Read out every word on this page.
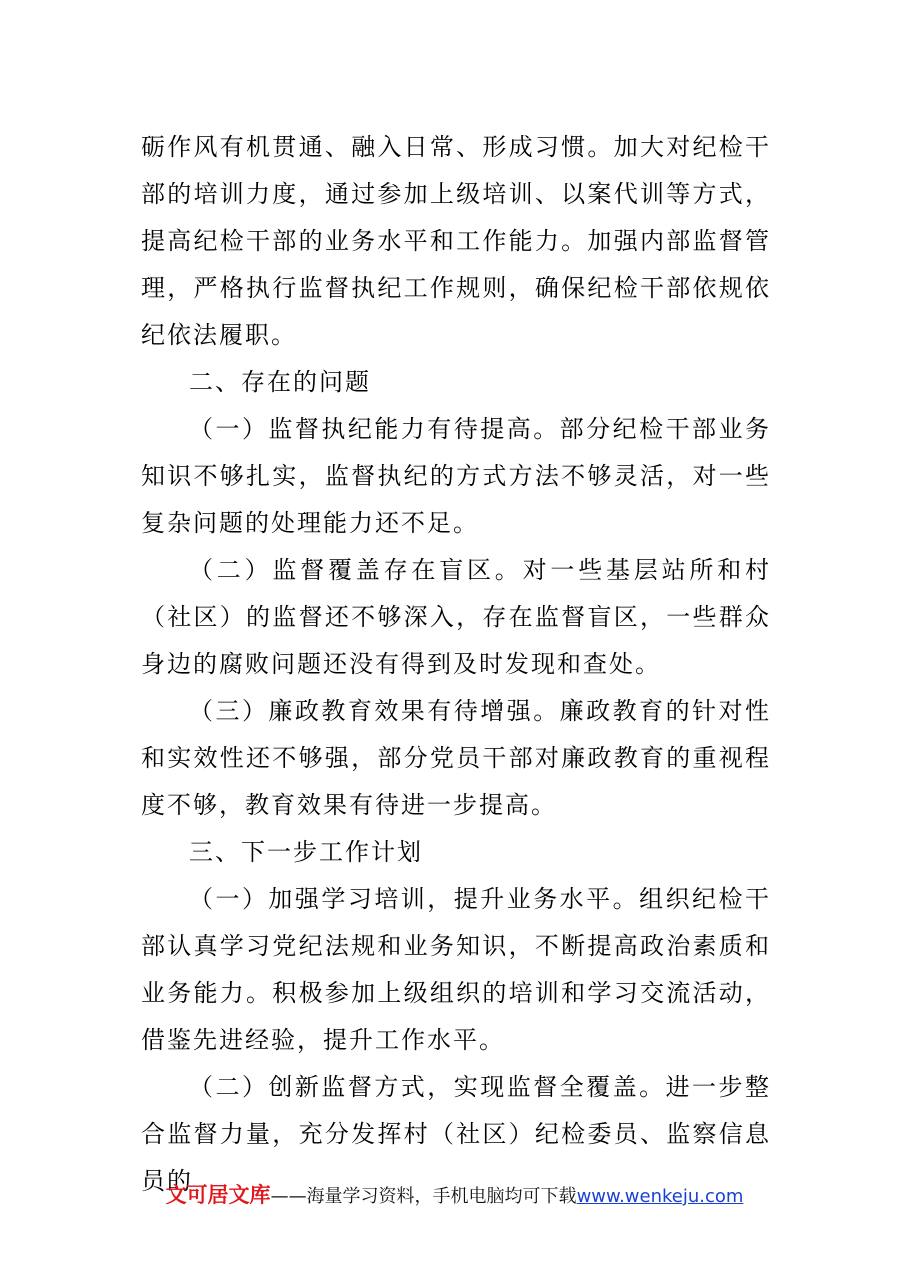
砺作风有机贯通、融入日常、形成习惯。加大对纪检干部的培训力度，通过参加上级培训、以案代训等方式，提高纪检干部的业务水平和工作能力。加强内部监督管理，严格执行监督执纪工作规则，确保纪检干部依规依纪依法履职。

二、存在的问题

（一）监督执纪能力有待提高。部分纪检干部业务知识不够扎实，监督执纪的方式方法不够灵活，对一些复杂问题的处理能力还不足。

（二）监督覆盖存在盲区。对一些基层站所和村（社区）的监督还不够深入，存在监督盲区，一些群众身边的腐败问题还没有得到及时发现和查处。

（三）廉政教育效果有待增强。廉政教育的针对性和实效性还不够强，部分党员干部对廉政教育的重视程度不够，教育效果有待进一步提高。

三、下一步工作计划

（一）加强学习培训，提升业务水平。组织纪检干部认真学习党纪法规和业务知识，不断提高政治素质和业务能力。积极参加上级组织的培训和学习交流活动，借鉴先进经验，提升工作水平。

（二）创新监督方式，实现监督全覆盖。进一步整合监督力量，充分发挥村（社区）纪检委员、监察信息员的

文可居文库——海量学习资料，手机电脑均可下载www.wenkeju.com
